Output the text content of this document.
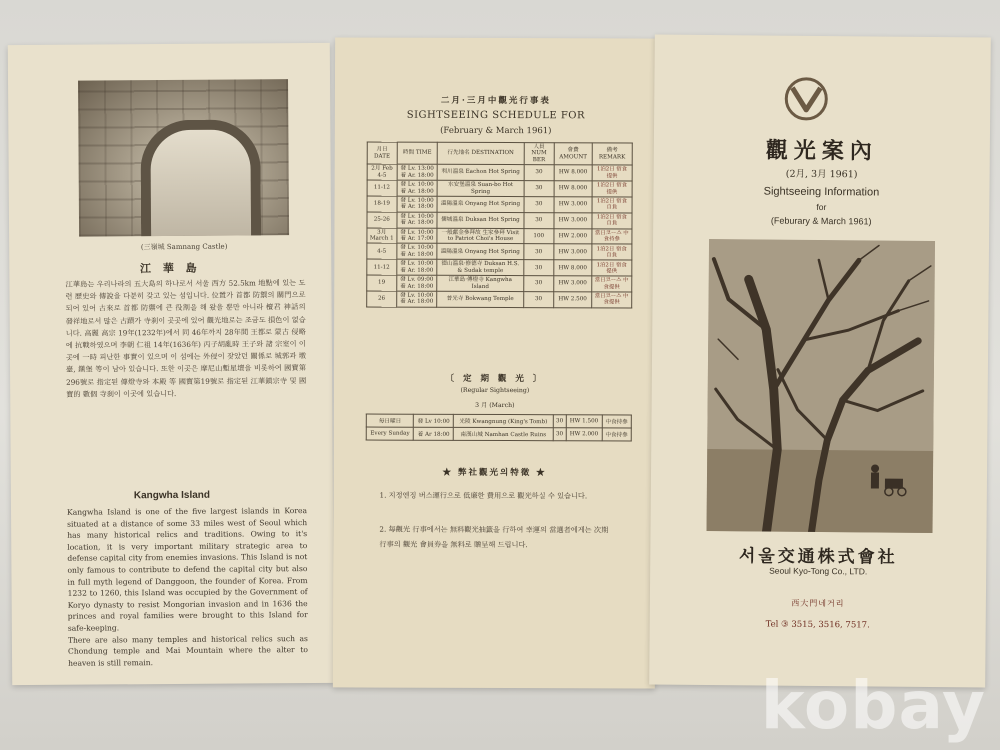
(三嶺城 Samnang Castle)
江 華 島
江華島는 우리나라의 五大島의 하나로서 서울 西方 52.5km 地點에 있는 도련 歷史와 傳說을 다분히 갖고 있는 섬입니다. 位置가 首都 防禦의 關門으로 되어 있어 古來로 首都 防禦에 큰 役割을 해 왔을 뿐만 아니라 檀君 神話의 發祥地로서 많은 古蹟가 寺刹이 곳곳에 있어 觀光地로는 조금도 損色이 없습니다. 高麗 高宗 19年(1232年)에서 同 46年까지 28年間 王都로 蒙古 侵略에 抗戰하였으며 李朝 仁祖 14年(1636年) 丙子胡亂時 王子와 諸 宗室이 이곳에 一時 피난한 事實이 있으며 이 섬에는 外侵이 잦았던 關係로 城郭과 墩臺, 鎭堡 等이 남아 있습니다. 또한 이곳은 摩尼山塹星壇을 비롯하여 國寶第296號로 指定된 傳燈寺와 本殿 等 國寶第19號로 指定된 江華鎮宗寺 및 國寶的 數個 寺刹이 이곳에 있습니다.
Kangwha Island
Kangwha Island is one of the five largest islands in Korea situated at a distance of some 33 miles west of Seoul which has many historical relics and traditions. Owing to it's location, it is very important military strategic area to defense capital city from enemies invasions. This Island is not only famous to contribute to defend the capital city but also in full myth legend of Danggoon, the founder of Korea. From 1232 to 1260, this Island was occupied by the Government of Koryo dynasty to resist Mongorian invasion and in 1636 the princes and royal families were brought to this Island for safe-keeping.
There are also many temples and historical relics such as Chondung temple and Mai Mountain where the alter to heaven is still remain.
二月·三月中觀光行事表
SIGHTSEEING SCHEDULE FOR
(February & March 1961)
月日 DATE	時間 TIME	行先地名 DESTINATION	人員 NUM BER	會費 AMOUNT	備考 REMARK
2月 Feb 4-5	發 Lv. 13:00 着 Ar. 18:00	利川溫泉 Eachon Hot Spring	30	HW 8.000	1泊2日 宿食提供
11-12	發 Lv. 10:00 着 Ar. 18:00	水安堡溫泉 Suan-bo Hot Spring	30	HW 8.000	1泊2日 宿食提供
18-19	發 Lv. 10:00 着 Ar. 18:00	溫陽溫泉 Onyang Hot Spring	30	HW 3.000	1泊2日 宿食自負
25-26	發 Lv. 10:00 着 Ar. 18:00	儒城溫泉 Duksan Hot Spring	30	HW 3.000	1泊2日 宿食自負
3月 March 1	發 Lv. 10:00 着 Ar. 17:00	一般獻金參拜故 生家參拜 Visit to Patriot Choi's House	100	HW 2.000	當日코ー스 中食持參
4-5	發 Lv. 10:00 着 Ar. 18:00	溫陽溫泉 Onyang Hot Spring	30	HW 3.000	1泊2日 宿食自負
11-12	發 Lv. 10:00 着 Ar. 18:00	德山溫泉·修德寺 Duksan H.S. & Sudak temple	30	HW 8.000	1泊2日 宿食提供
19	發 Lv. 09:00 着 Ar. 18:00	江華島·傳燈寺 Kangwha Island	30	HW 3.000	當日코ー스 中食提供
26	發 Lv. 10:00 着 Ar. 18:00	普光寺 Bokwang Temple	30	HW 2.500	當日코ー스 中食提供
〔 定 期 觀 光 〕
(Regular Sightseeing)
3 月 (March)
毎日曜日	發 Lv 10:00	光陵 Kwangnung (King's Tomb)	30	HW 1.500	中食持參
Every Sunday	着 Ar 18:00	南漢山城 Namhan Castle Ruins	30	HW 2.000	中食持參
★ 弊社觀光의特徵 ★
1. 지정엔징 버스運行으로 低廉한 費用으로 觀光하실 수 있습니다.
2. 毎觀光 行事에서는 無料觀光抽籤을 行하여 幸運의 當選者에게는 次期行事의 觀光 會員券을 無料로 贈呈해 드립니다.
觀光案內
(2月, 3月 1961)
Sightseeing Information
for
(Feburary & March 1961)
서울交通株式會社
Seoul Kyo-Tong Co., LTD.
西大門네거리
Tel ③ 3515, 3516, 7517.
kobay
